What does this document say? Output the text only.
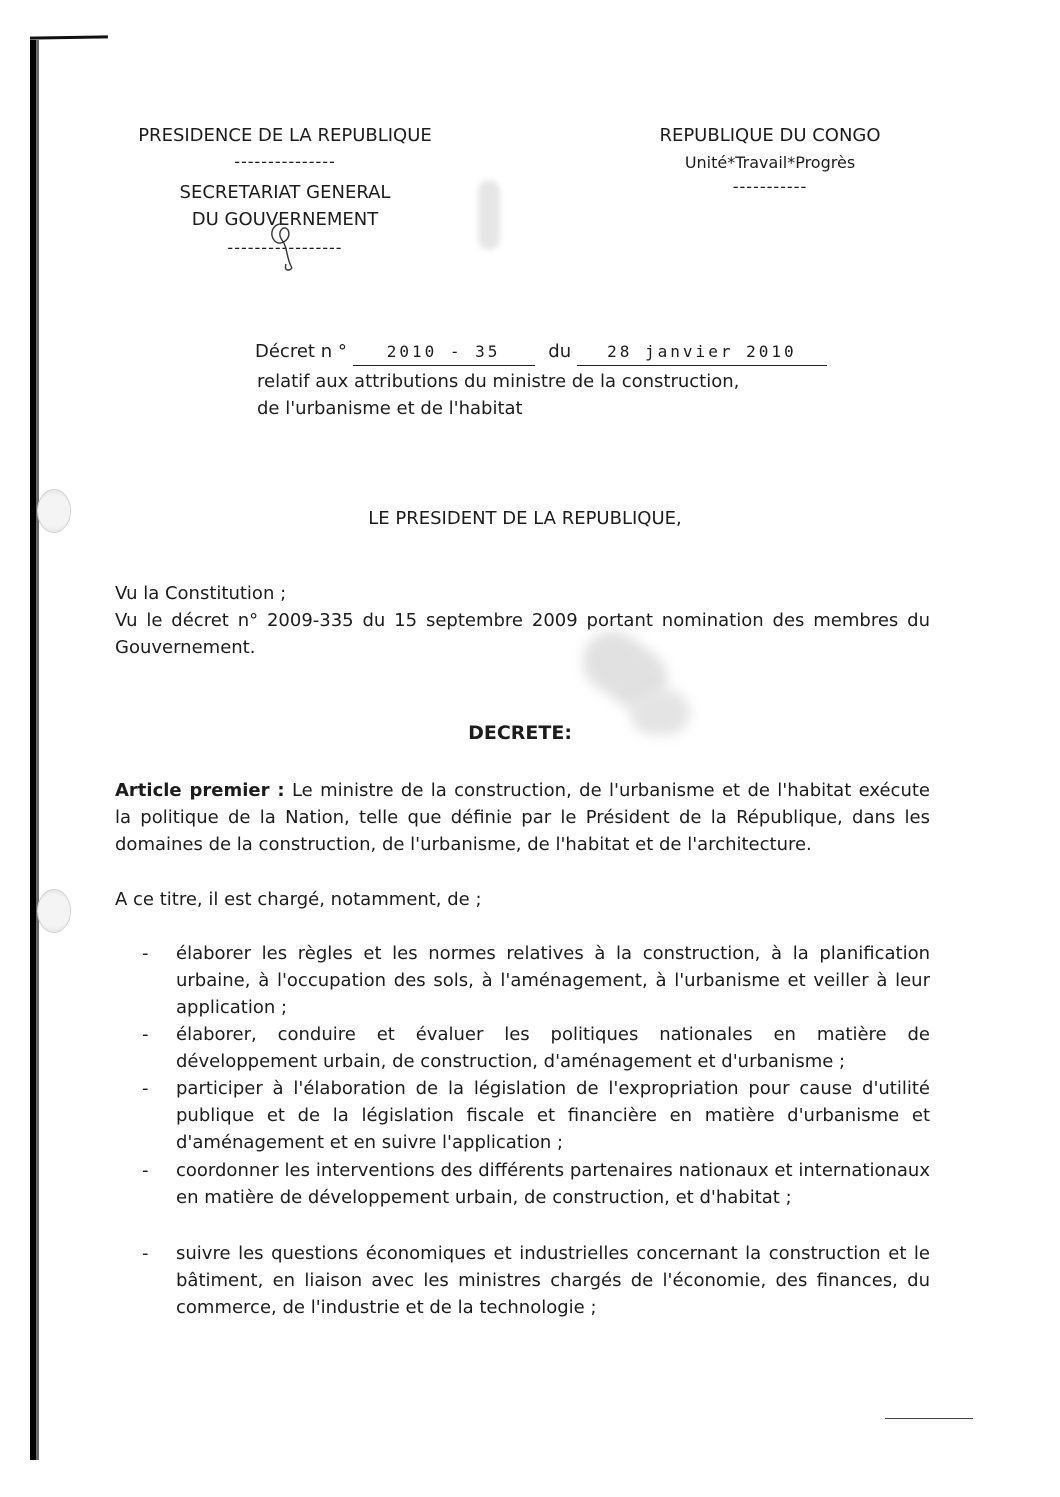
PRESIDENCE DE LA REPUBLIQUE
---------------
SECRETARIAT GENERAL
DU GOUVERNEMENT
-----------------
REPUBLIQUE DU CONGO
Unité*Travail*Progrès
-----------
Décret n ° 2010 - 35	du 28 janvier 2010
relatif aux attributions du ministre de la construction,
de l'urbanisme et de l'habitat
LE PRESIDENT DE LA REPUBLIQUE,
Vu la Constitution ;
Vu le décret n° 2009-335 du 15 septembre 2009 portant nomination des membres du Gouvernement.
DECRETE:
Article premier : Le ministre de la construction, de l'urbanisme et de l'habitat exécute la politique de la Nation, telle que définie par le Président de la République, dans les domaines de la construction, de l'urbanisme, de l'habitat et de l'architecture.
A ce titre, il est chargé, notamment, de ;
- élaborer les règles et les normes relatives à la construction, à la planification urbaine, à l'occupation des sols, à l'aménagement, à l'urbanisme et veiller à leur application ;
- élaborer, conduire et évaluer les politiques nationales en matière de développement urbain, de construction, d'aménagement et d'urbanisme ;
- participer à l'élaboration de la législation de l'expropriation pour cause d'utilité publique et de la législation fiscale et financière en matière d'urbanisme et d'aménagement et en suivre l'application ;
- coordonner les interventions des différents partenaires nationaux et internationaux en matière de développement urbain, de construction, et d'habitat ;
- suivre les questions économiques et industrielles concernant la construction et le bâtiment, en liaison avec les ministres chargés de l'économie, des finances, du commerce, de l'industrie et de la technologie ;
